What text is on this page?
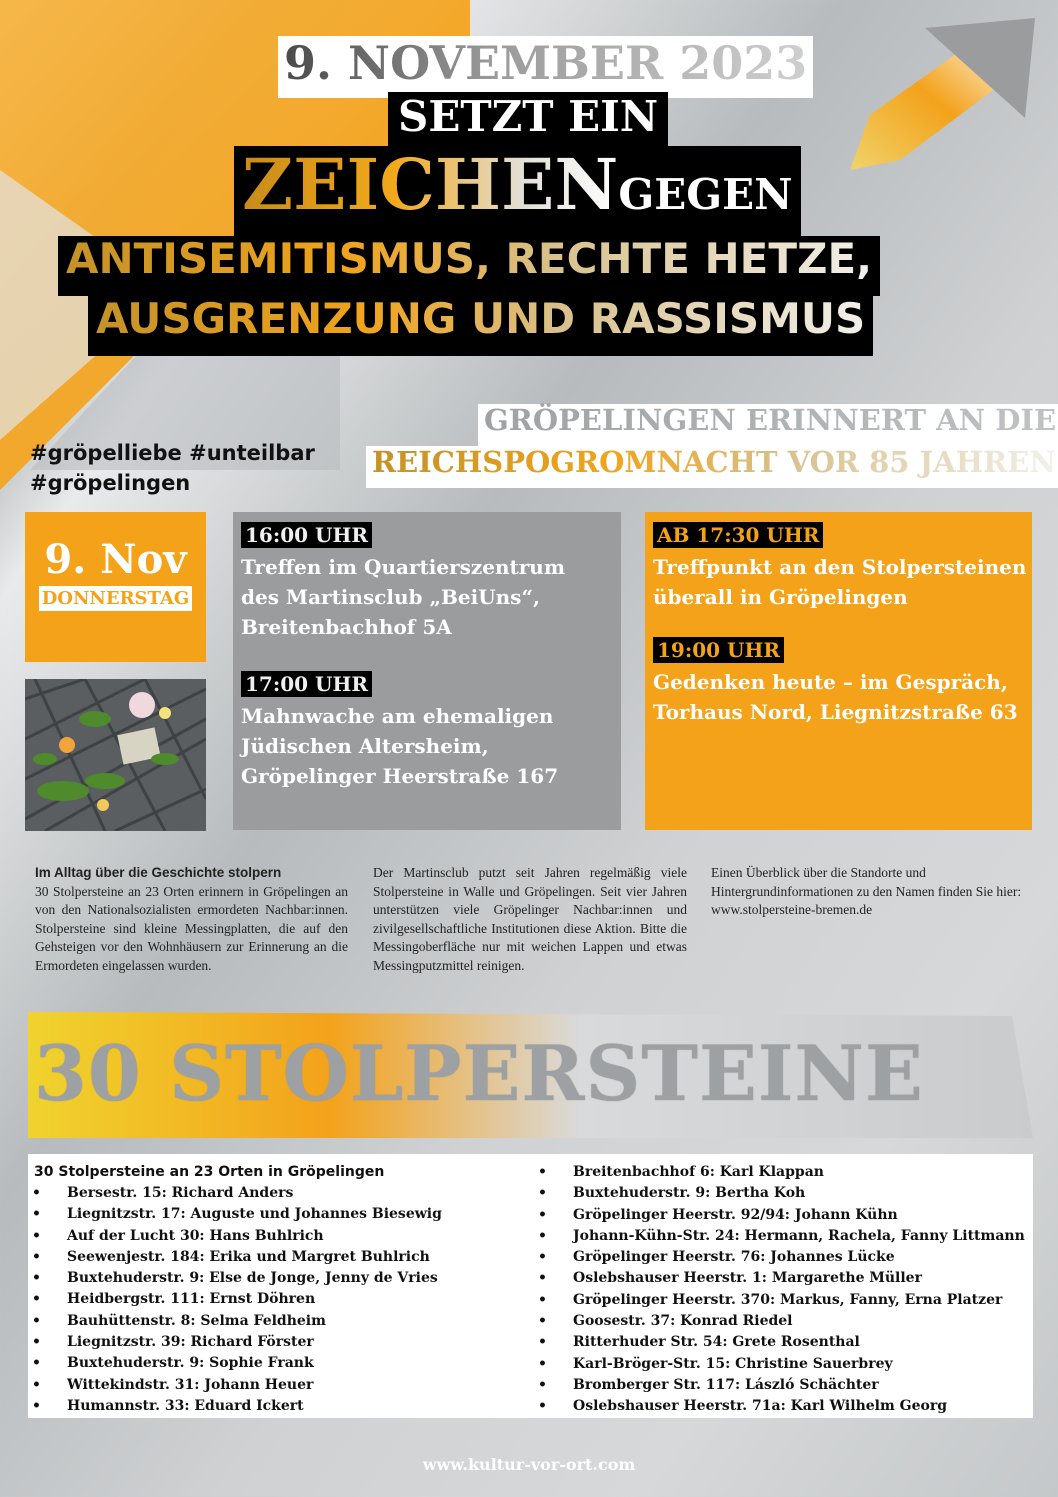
9. NOVEMBER 2023
SETZT EIN
ZEICHENGEGEN
ANTISEMITISMUS, RECHTE HETZE,
AUSGRENZUNG UND RASSISMUS
GRÖPELINGEN ERINNERT AN DIE
REICHSPOGROMNACHT VOR 85 JAHREN
#gröpelliebe #unteilbar
#gröpelingen
9. Nov
DONNERSTAG
16:00 UHR
Treffen im Quartierszentrum
des Martinsclub „BeiUns“,
Breitenbachhof 5A
17:00 UHR
Mahnwache am ehemaligen
Jüdischen Altersheim,
Gröpelinger Heerstraße 167
AB 17:30 UHR
Treffpunkt an den Stolpersteinen
überall in Gröpelingen
19:00 UHR
Gedenken heute – im Gespräch,
Torhaus Nord, Liegnitzstraße 63
Im Alltag über die Geschichte stolpern
30 Stolpersteine an 23 Orten erinnern in Gröpelingen an von den Nationalsozialisten ermordeten Nachbar:innen. Stolpersteine sind kleine Messingplatten, die auf den Gehsteigen vor den Wohnhäusern zur Erinnerung an die Ermordeten eingelassen wurden.
Der Martinsclub putzt seit Jahren regelmäßig viele Stolpersteine in Walle und Gröpelingen. Seit vier Jahren unterstützen viele Gröpelinger Nachbar:innen und zivilgesellschaftliche Institutionen diese Aktion. Bitte die Messingoberfläche nur mit weichen Lappen und etwas Messingputzmittel reinigen.
Einen Überblick über die Standorte und Hintergrundinformationen zu den Namen finden Sie hier: www.stolpersteine-bremen.de
30 STOLPERSTEINE
30 Stolpersteine an 23 Orten in Gröpelingen
• Bersestr. 15: Richard Anders
• Liegnitzstr. 17: Auguste und Johannes Biesewig
• Auf der Lucht 30: Hans Buhlrich
• Seewenjestr. 184: Erika und Margret Buhlrich
• Buxtehuderstr. 9: Else de Jonge, Jenny de Vries
• Heidbergstr. 111: Ernst Döhren
• Bauhüttenstr. 8: Selma Feldheim
• Liegnitzstr. 39: Richard Förster
• Buxtehuderstr. 9: Sophie Frank
• Wittekindstr. 31: Johann Heuer
• Humannstr. 33: Eduard Ickert
• Breitenbachhof 6: Karl Klappan
• Buxtehuderstr. 9: Bertha Koh
• Gröpelinger Heerstr. 92/94: Johann Kühn
• Johann-Kühn-Str. 24: Hermann, Rachela, Fanny Littmann
• Gröpelinger Heerstr. 76: Johannes Lücke
• Oslebshauser Heerstr. 1: Margarethe Müller
• Gröpelinger Heerstr. 370: Markus, Fanny, Erna Platzer
• Goosestr. 37: Konrad Riedel
• Ritterhuder Str. 54: Grete Rosenthal
• Karl-Bröger-Str. 15: Christine Sauerbrey
• Bromberger Str. 117: László Schächter
• Oslebshauser Heerstr. 71a: Karl Wilhelm Georg
www.kultur-vor-ort.com
